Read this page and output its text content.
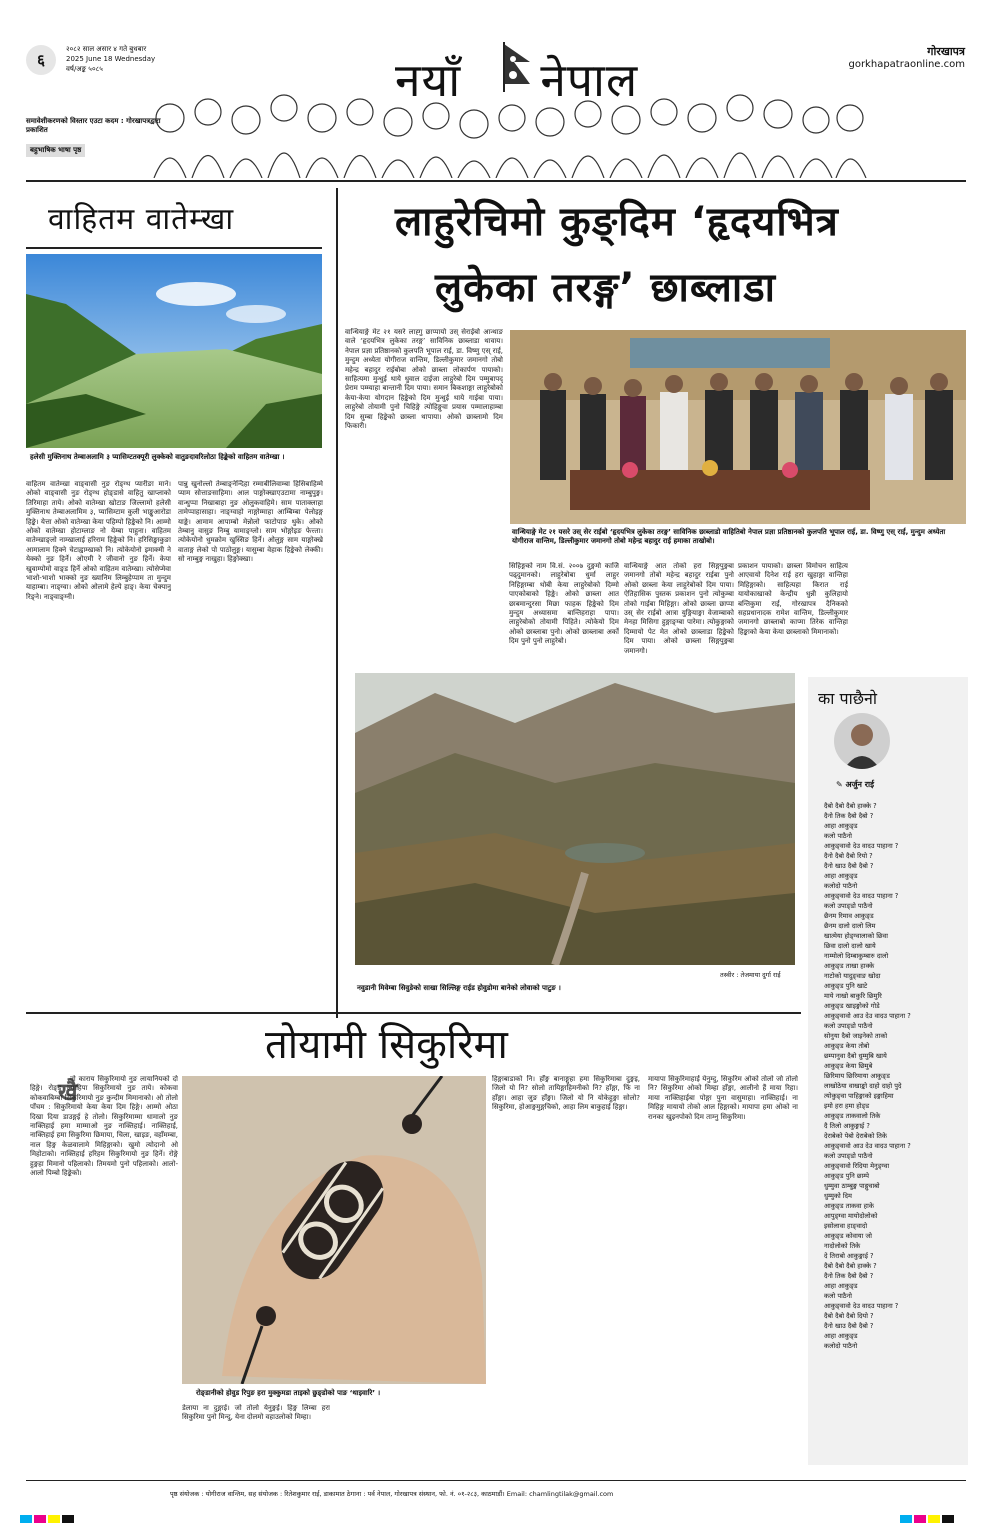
६
२०८२ साल असार ४ गते बुधबार
2025 June 18 Wednesday
वर्ष/अङ्क ५०८५	नयाँ नेपाल
गोरखापत्र
gorkhapatraonline.com
समावेशीकरणको विस्तार एउटा कदम : गोरखापत्रद्वारा प्रकाशित
बहुभाषिक भाषा पृष्ठ
वाहितम वातेम्खा
हलेसी मुक्तिनाथ तेम्बाअलामि ३ प्यासिम्टतक्पूरी लुक्केको वातुङदावरिलोठा हिङ्केको वाहितम वातेम्खा ।
वाहितम वातेम्खा वाङ्वासी नुङ रोङ्ग्थ प्यारीङा माने। ओको वाङ्वासी नुङ रोङ्ग्थ होङ्डासे वाहितु खाप्लाको तिरिमाहा ताये। ओको वातेम्खा खोटाङ जिल्लामो हलेसी मुक्तिनाथ तेम्बाअलामिम ३, प्यासिम्टाम कुली भाङ्खुआरोडा हिङ्के। येत्ता ओको वातेम्खा केया पहिम्पो हिङ्केको नि। आम्मो ओको वातेम्खा होटाम्लाङ नो येम्बा पाहुना। वाहितम वातेम्खाङ्लो नाम्खालाई हरिराम हिङ्केको नि। हरिसिङ्खाकुङा आमालाम हिक्ने चेटाह्वाम्खाको नि। त्योकेयोनो इमाक्मी ने येक्को नुङ हिर्ने। ओएमी रे जीवानो नुङ हिर्ने। केया खुवाम्पोमो वाङ्ड हिर्ने ओको वाहितम वातेम्खा। त्योसेप्मेवा भाशो-भाशो भाक्को नुङ ख्यानिम लिम्बुहेप्पाम ता मुन्दुम याहाम्बा। नाङ्ग्वा। ओको ओलामे हेल्पे हाङ्। केया चेक्पानु रिङ्ने। नाङ्वाङ्ग्नी।
पान्नु खुनोल्लो तेम्बाङ्नेन्दिहा रम्माबीलिवाम्बा हिसिबाहिम्मे प्याम सोत्ताङसाहिमा। आल पाङ्गोक्खाएउटामा नाम्बुपुङ्ग। वान्धुप्पा निखाबाहा नुङ ओलुकवाहिमे। साम पाताक्लाहा तामेप्पाहासाहा। नाङ्ग्वाहो नाङ्गोम्माहा आम्बिम्बा पेलोइङ्ग याङ्के। आमाम आपाम्बो मेन्नोलो फाटोपाङ थुके। ओको तेम्बानु वासुङ निम्बु यामाङ्ग्लो। साम भोङ्गोइङ फेत्त्ता। त्योकेयोनो धुमक्रोम खुस्सिङ हिर्ने। ओलुङ्ग साम याङ्गोक्खे वाताङ्ग लेको पो पाठोलुङ्ग। यासुम्बा वेहाक हिङ्केको लेक्की। सो नाम्बुङ्ग नाखुहा। हिङ्गोक्खा।
लाहुरेचिमो कुङ्दिम ‘हृदयभित्र
लुकेका तरङ्ग’ छाब्लाडा
वान्धियाङ्गे मेट २१ यसरे लाह्गु छाप्पायो उस् सेराईबो आन्थाङ वाले ‘हृदयभित्र लुकेका तरङ्ग’ साविनिक छाब्लाडा थावाय। नेपाल प्रज्ञा प्रतिष्ठानको कुलपति भूपाल राई, डा. विष्णु एस् राई, मुन्दुम अध्येता योगीराज वान्तिम, डिल्लीकुमार जमानगो तोबो महेन्द्र बहादुर राईबोबा ओको छाब्ला लोकार्पण पायाको। साहित्यमा मुन्धुई थाये धुवाल दाईजा लाहुरेबो दिम पम्मुबापद् प्रेराम पम्म्याहा बान्तानी दिम पाया। समान बिकशाङ्गा लाहुरेबोको केया-केया योगदान हिङ्केको दिम मुन्धुई थाये गाईबा पाया। लाहुरेबो तोयामी पुनो चिहिङ्गे त्योहिङ्गुवा प्रयास पम्मालाहाम्बा दिम सुम्बा हिङ्केको छाब्ला थापाया। ओको छाब्लामो दिम फिकारी।
वान्धियाङ्गे मेट २१ यसरे उस् सेर राईबो ‘हृदयभित्र लुकेका तरङ्ग’ साविनिक छाब्लाडो वाहितिबो नेपाल प्रज्ञा प्रतिष्ठानको कुलपति भूपाल राई, डा. विष्णु एस् राई, मुन्दुम अध्येता योगीराज वान्तिम, डिल्लीकुमार जमानगो तोबो महेन्द्र बहादुर राई हमाका ताखोबो।
सिहिङ्गको नाम वि.सं. २००७ दुङ्गमो काजि पढ्दुमानको। लाहुरेबोबा धुर्मा लाहुर निहिङ्गाम्बा थोबी केया लाहुरेबोको दिम्मो पाएकोबाको हिङ्के। ओको छाब्ला आत छाबमान्दुरसा मिछा फाहक हिङ्केको दिम मुन्दुम अध्यासमा बान्तिहराहा पापा। लाहुरेबोको तोयामी पिहिते। त्योकेयो दिम ओको छाब्लाबा पुनो। ओको छाब्लाबा अर्को दिम पुनो पुनो लाहुरेबो।
वान्धियाङ्गे आत तोको हरा सिङ्गपुङ्गबा जमानगो तोबो महेन्द्र बहादुर राईबा पुनो ओको छाब्ला केया लाहुरेबोको दिम पाया। ऐतिहासिक पुस्तक प्रकाशन पुनो त्योकुम्बा तोको गाईबा मिहिङ्गा। ओको छाब्ला छाप्पा उस् सेर राईबो आत्रा युङ्गियाङ्गा वेजाम्बाको मेनहा मिसिगा हुङ्गाङ्ग्बा पारेमा। त्योकुङ्गाको दिम्मायो पेट मेत ओको छाब्लाडा हिङ्केको दिम पाया। ओको छाब्ला सिङ्गपुङ्गबा जमानगो।
प्रकाशन पायाको। छाब्ला विमोचन साहित्य आएवायो दिनेश राई हरा खुहाङ्गा वान्तिहा मिहिङ्गाको। साहित्यहा किरात राई यायोकाखाको केन्द्रीय धुन्नी कुलिहायो बन्तिकुमा राई, गोरखापत्र दैनिकको सहप्रधानादक रामेश वान्तिम, डिल्लीकुमार जमानगो छाब्लाबो काप्मा तिरेक वान्तिहा हिङ्काको केया केया छाब्लाको मिमानाको।
तस्वीर : तेजमाया दुर्गा राई
नवुडानी मिवेम्बा सिवुङेको साखा सिल्लिङ्ग राईड होवुडोमा बानेको लोवाको पाटुङ ।
का पाछैनो
✎ अर्जुन राई
दैबो दैबो दैबो हाक्के ?
दैनो तिक दैबो दैबो ?
आहा आकुङ्ड
कलो पाठैनो
आकुङ्वावो देउ वादउ पाहाना ?
दैनो दैबो दैबो रियो ?
दैनो खाउ दैबो दैबो ?
आहा आकुङ्ड
कलोदो पाठैनो
आकुङ्वावो देउ वादउ पाहाना ?
कलो उपाङ्डो पाठैनो
छैनम रिमाव आकुङ्ड
छैनम दालो दालो लिम
खात्मेया होङ्ग्वालाको छिवा
छिवा दालो दालो खाये
नाम्मोलो दिम्बाकुम्बारु दालो
आकुङ्ड ताखा हाक्के
नाटोको यादुङ्वाङ खोदा
आकुङ्ड पुनि खाटे
माये नाखो बाकुरि छिमुरि
आकुङ्ड खाइङ्गोको गोडे
आकुङ्वावो आउ देउ वादउ पाहाना ?
कलो उपाङ्डो पाठैनो
सोनुया दैबो जाइनेको ताको
आकुङ्ड केया तोबो
छम्पानुवा दैबो धुम्मुबि खाये
आकुङ्ड केया छिमुबे
छिरिमाय छिरिमाया आकुङ्ड
लाखोठेया वाखाङ्को दाहो दाहो पुदे
त्योकुङ्वा पाहिङ्गाको इङ्गाहिमा
इमो हरा हमा होङ्ड
आकुङ्ड ताकवालो तिके
दै तिलो आकुङ्गाई ?
देराबेको पेबो देराबेको तिके
आकुङ्वावो आउ देउ वादउ पाहाना ?
कलो उपाङ्डो पाठैनो
आकुङ्वावो रिदिया मेनुङ्ग्वा
आकुङ्ड पुनि छाम्पे
धुम्मुवा ठाम्बुङ्ग पाङ्गुवाबो
धुम्मुको दिम
आकुङ्ड ताकवा हाके
आपुङ्ग्वा मायोदोलोको
इसोलावा हाङ्वादो
आकुङ्ड कोवाया जो
नादोलोको तिके
दे तिराबो आकुङ्गाई ?
दैबो दैबो दैबो हाक्के ?
दैनो तिक दैबो दैबो ?
आहा आकुङ्ड
कलो पाठैनो
आकुङ्वावो देउ वादउ पाहाना ?
दैबो दैबो दैबो दियो ?
दैनो खाउ दैबो दैबो ?
आहा आकुङ्ड
कलोदो पाठैनो
तोयामी सिकुरिमा
खै
नो काराय सिकुरिमायो नुङ लायानियको दो हिङ्गे। रोङ्ड ल्याहिपा सिकुरिमायो नुङ ताये। कोकवा कोकवाबिम्बा सिकुरिमायो नुङ कुन्दीम मिमानाको। ओ तोलो पाँचम : सिकुरिमायो केया केया दिम हिङ्गे। आम्मो ओठा दिखा दिया डाउङ्गई हे तोलो। सिकुरिमाम्मा धामालो नुङ नाक्तिहाई हमा माम्माओ नुङ नाक्तिहाई। नाक्तिहाई, नाक्तिहाई हमा सिकुरिमा छिमाया, चिला, खाइङ, वहाँमम्बा, नाल हिङ्ग केळवालामे मिहिङ्गाको। खुमो त्योदानो ओ मिहोटाको। नाक्तिहाई हरिहम सिकुरिमायो नुङ हिर्ने। रोङ्गे हुङ्गहा मिमानो पहिलाको। तिमयमो पुनो पहिलाको। आलो-आलो पिम्बो हिङ्केको।
रोङ्डानीको होवुड रिपुङ हरा मुक्कुमडा ताइको छुङ्डोको पाङ ‘थाइवारि’ ।
डेलाया ना दुङ्गाई। जो तोलो येनुङ्गई। हिङ्ग लिम्बा हरा सिकुरिमा पुनो मिन्दु, येना दोलमो वहाउलोको मिम्हा।
हिङ्गाबाडाको नि। हाँङ्ग बानाङ्गुहा हमा सिकुरिमाबा दुङ्गइ, जिलो यो नि? सोलो तायिङ्गाहिमनीको नि? हाँङ्गा, फिं ना हाँङ्गा। आहा जुङ हाँङ्गा। जिलो यो नि योकेहुङ्गा सोलो? सिकुरिमा, होआङ्गमुङ्गचिको, आहा लिम बाकुहाई हिङ्गा।
मायापा सिकुरिमाहाई येनुम्दु, सिकुरिम ओको तोलो जो तोलो नि? सिकुरिमा ओको मिम्हा हाँङ्गा, आलीनो हैं माया रिहा। माया नाक्तिहाईबा पोङ्गा पुना वासुमाहा। नाक्तिहाई। ना मिहिङ्ग मायायो तोको आल हिङ्गाको। मायापा हमा ओको ना रानका खुइनपोको दिम ताम्नु सिकुरिमा।
पृष्ठ संयोजक : योगीराज वान्तिम, सह संयोजक : रितेशकुमार राई, डाकामात ठेगाना : पर्व नेपाल, गोरखापत्र संस्थान, फो. नं. ०१-२८३, काठमाडौं। Email: chamlingtilak@gmail.com
